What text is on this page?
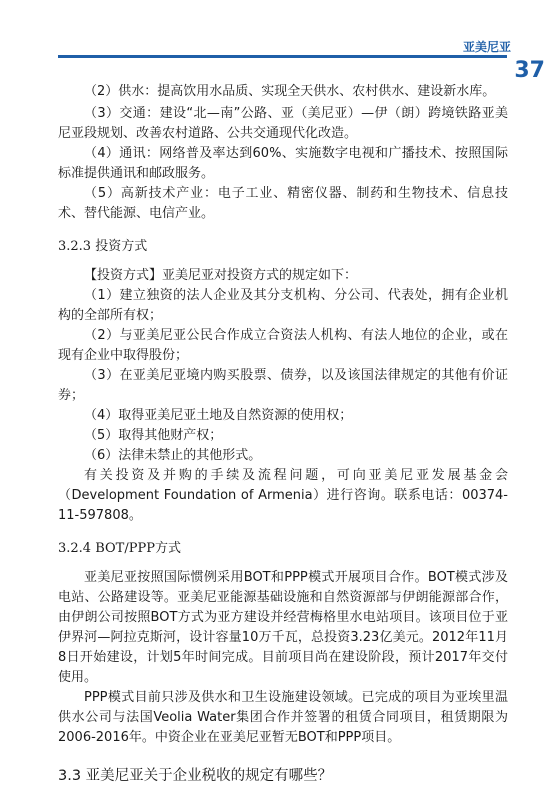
亚美尼亚
37

（2）供水：提高饮用水品质、实现全天供水、农村供水、建设新水库。

（3）交通：建设“北—南”公路、亚（美尼亚）—伊（朗）跨境铁路亚美尼亚段规划、改善农村道路、公共交通现代化改造。

（4）通讯：网络普及率达到60%、实施数字电视和广播技术、按照国际标准提供通讯和邮政服务。

（5）高新技术产业：电子工业、精密仪器、制药和生物技术、信息技术、替代能源、电信产业。

3.2.3 投资方式

【投资方式】亚美尼亚对投资方式的规定如下：

（1）建立独资的法人企业及其分支机构、分公司、代表处，拥有企业机构的全部所有权；

（2）与亚美尼亚公民合作成立合资法人机构、有法人地位的企业，或在现有企业中取得股份；

（3）在亚美尼亚境内购买股票、债券，以及该国法律规定的其他有价证券；

（4）取得亚美尼亚土地及自然资源的使用权；

（5）取得其他财产权；

（6）法律未禁止的其他形式。

有关投资及并购的手续及流程问题，可向亚美尼亚发展基金会（Development Foundation of Armenia）进行咨询。联系电话：00374-11-597808。

3.2.4 BOT/PPP方式

亚美尼亚按照国际惯例采用BOT和PPP模式开展项目合作。BOT模式涉及电站、公路建设等。亚美尼亚能源基础设施和自然资源部与伊朗能源部合作，由伊朗公司按照BOT方式为亚方建设并经营梅格里水电站项目。该项目位于亚伊界河—阿拉克斯河，设计容量10万千瓦，总投资3.23亿美元。2012年11月8日开始建设，计划5年时间完成。目前项目尚在建设阶段，预计2017年交付使用。

PPP模式目前只涉及供水和卫生设施建设领域。已完成的项目为亚埃里温供水公司与法国Veolia Water集团合作并签署的租赁合同项目，租赁期限为2006-2016年。中资企业在亚美尼亚暂无BOT和PPP项目。

3.3 亚美尼亚关于企业税收的规定有哪些？
